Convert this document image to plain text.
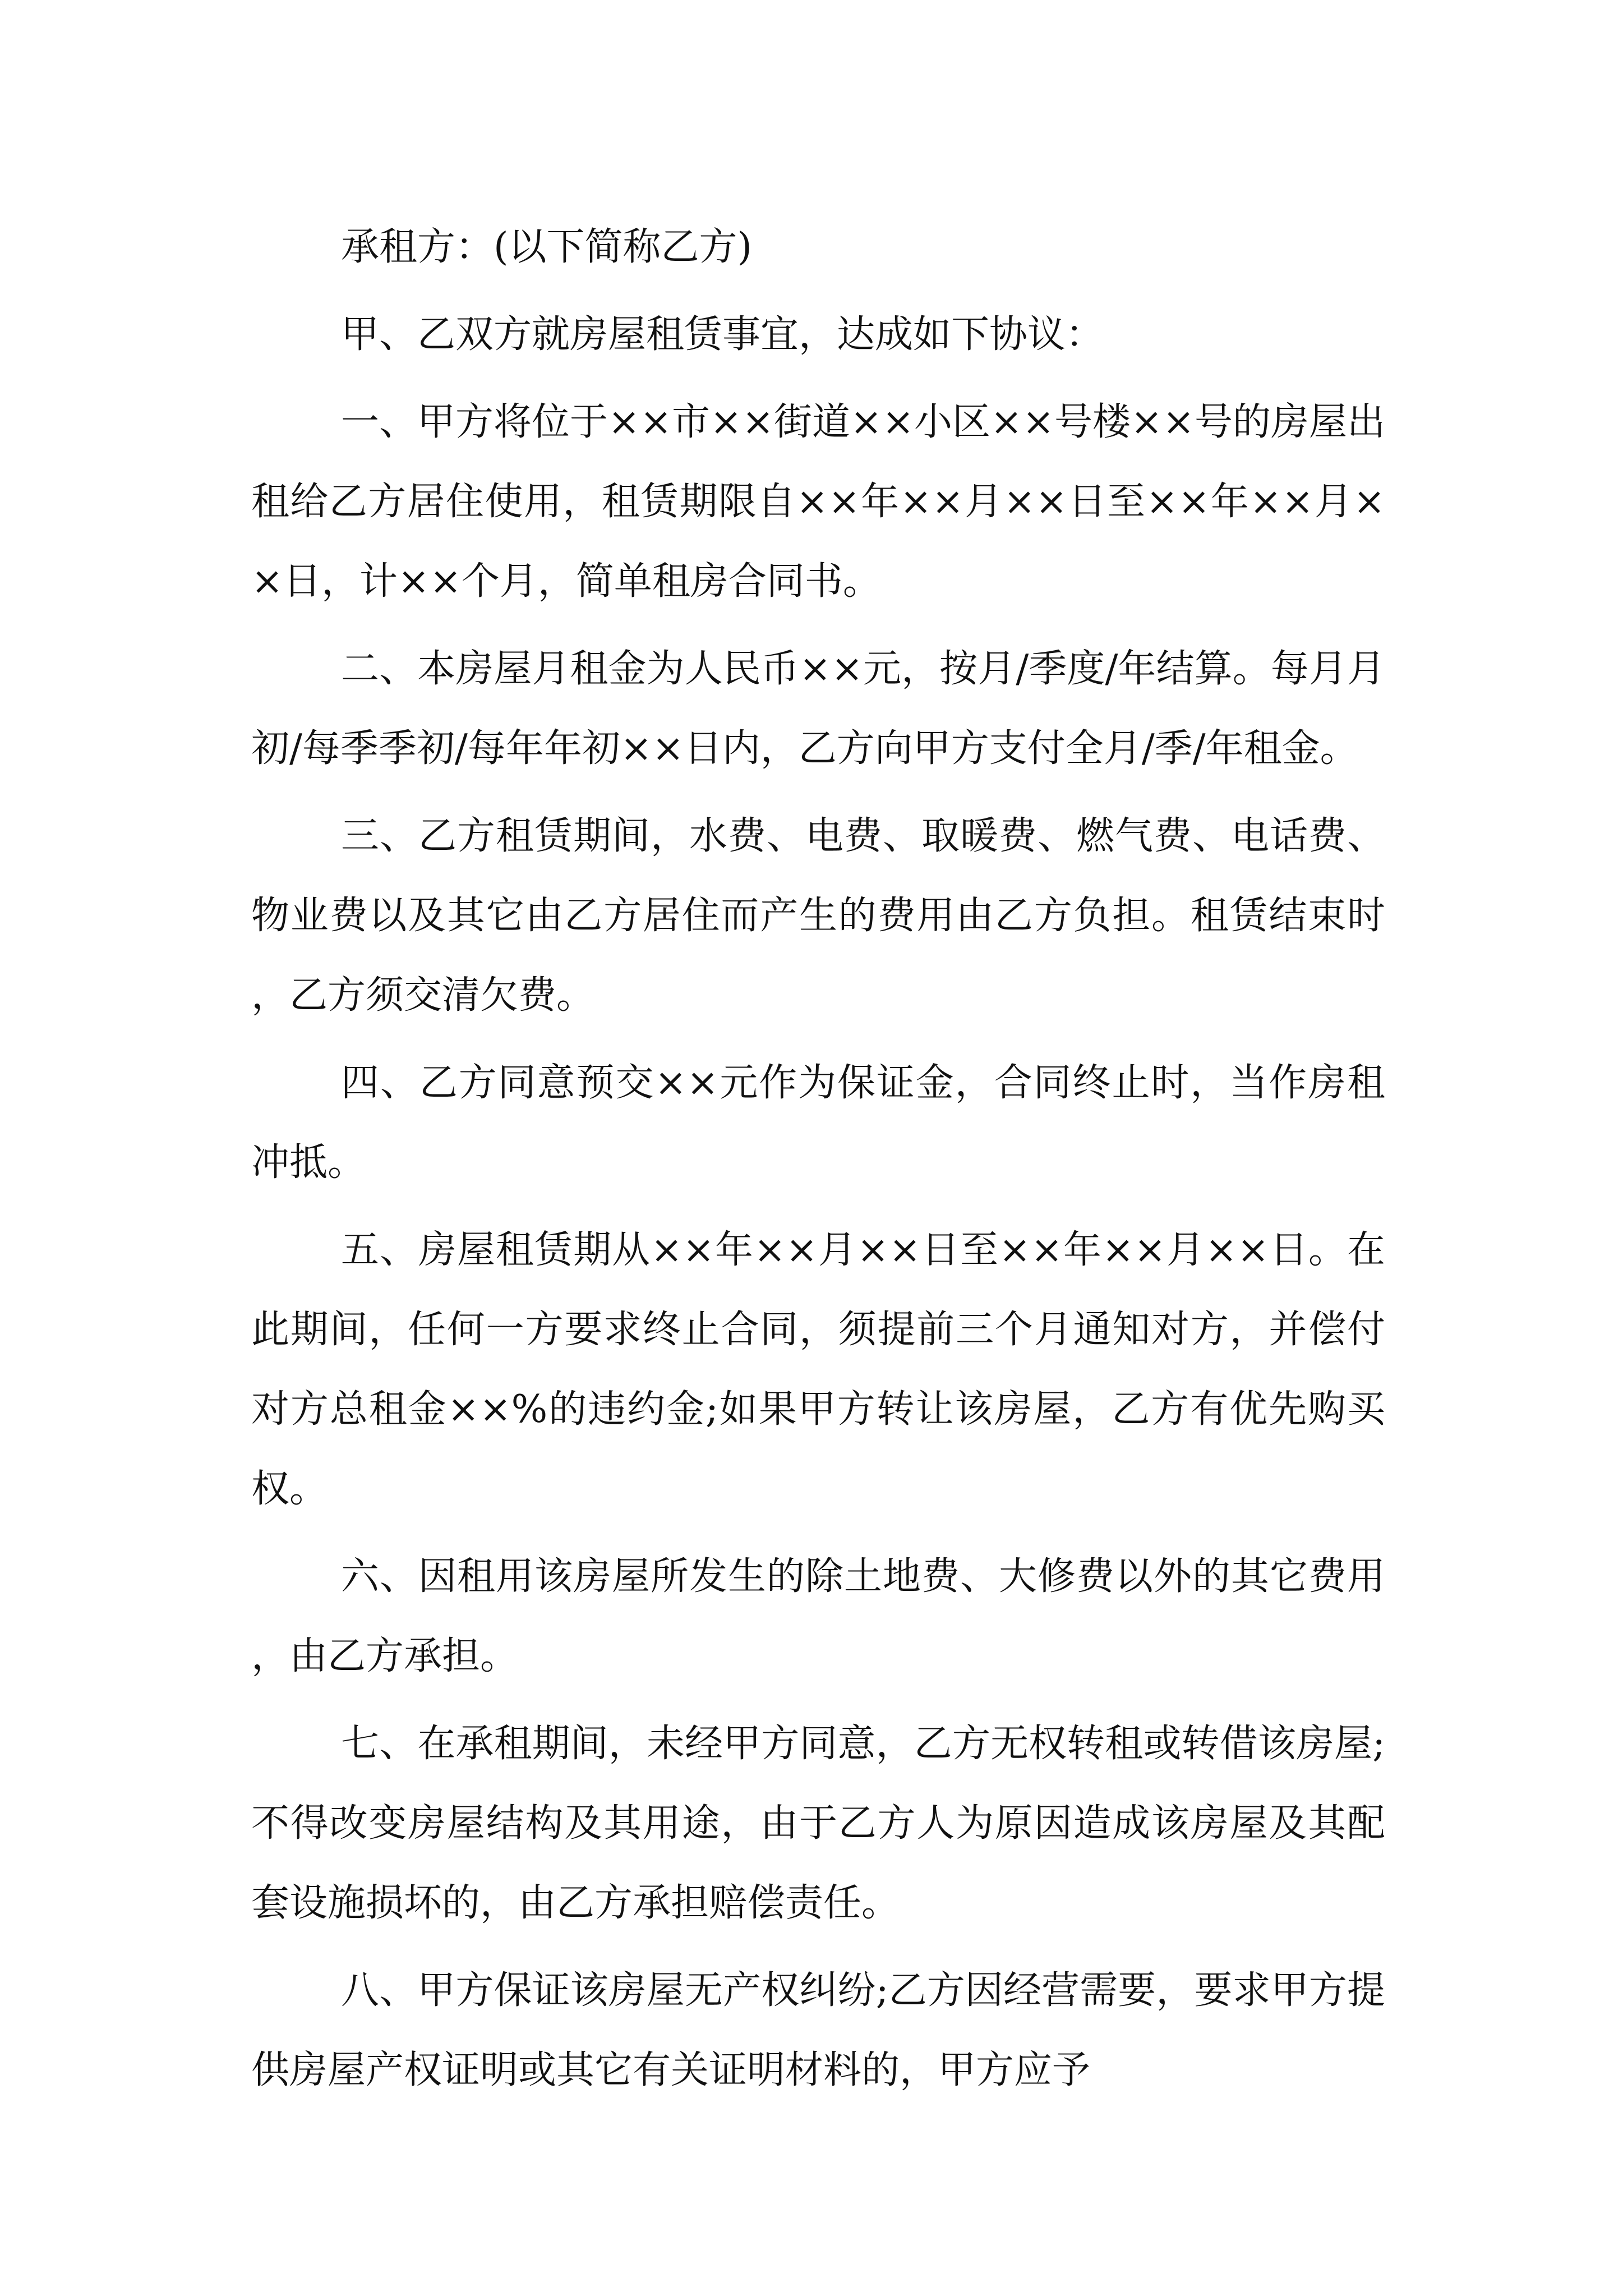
承租方：(以下简称乙方)

甲、乙双方就房屋租赁事宜，达成如下协议：

一、甲方将位于××市××街道××小区××号楼××号的房屋出租给乙方居住使用，租赁期限自××年××月××日至××年××月××日，计××个月，简单租房合同书。

二、本房屋月租金为人民币××元，按月/季度/年结算。每月月初/每季季初/每年年初××日内，乙方向甲方支付全月/季/年租金。

三、乙方租赁期间，水费、电费、取暖费、燃气费、电话费、物业费以及其它由乙方居住而产生的费用由乙方负担。租赁结束时，乙方须交清欠费。

四、乙方同意预交××元作为保证金，合同终止时，当作房租冲抵。

五、房屋租赁期从××年××月××日至××年××月××日。在此期间，任何一方要求终止合同，须提前三个月通知对方，并偿付对方总租金××%的违约金;如果甲方转让该房屋，乙方有优先购买权。

六、因租用该房屋所发生的除土地费、大修费以外的其它费用，由乙方承担。

七、在承租期间，未经甲方同意，乙方无权转租或转借该房屋;不得改变房屋结构及其用途，由于乙方人为原因造成该房屋及其配套设施损坏的，由乙方承担赔偿责任。

八、甲方保证该房屋无产权纠纷;乙方因经营需要，要求甲方提供房屋产权证明或其它有关证明材料的，甲方应予
